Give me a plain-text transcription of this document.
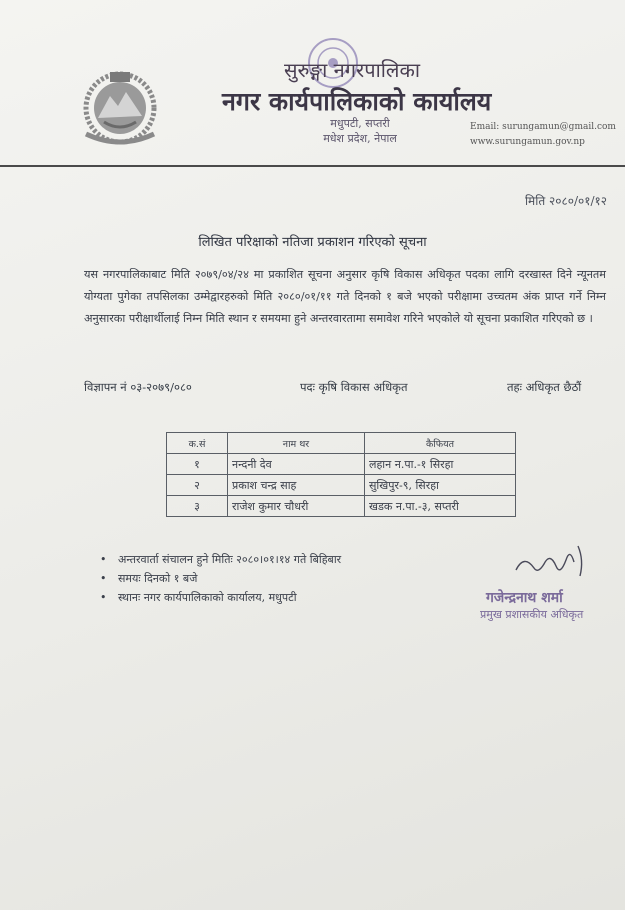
सुरुङ्गा नगरपालिका
नगर कार्यपालिकाको कार्यालय
मधुपटी, सप्तरी
मधेश प्रदेश, नेपाल
Email: surungamun@gmail.com
www.surungamun.gov.np
मिति २०८०/०१/१२
लिखित परिक्षाको नतिजा प्रकाशन गरिएको सूचना
यस नगरपालिकाबाट मिति २०७९/०४/२४ मा प्रकाशित सूचना अनुसार कृषि विकास अधिकृत पदका लागि दरखास्त दिने न्यूनतम योग्यता पुगेका तपसिलका उम्मेद्वारहरुको मिति २०८०/०१/११ गते दिनको १ बजे भएको परीक्षामा उच्चतम अंक प्राप्त गर्ने निम्न अनुसारका परीक्षार्थीलाई निम्न मिति स्थान र समयमा हुने अन्तरवारतामा समावेश गरिने भएकोले यो सूचना प्रकाशित गरिएको छ ।
विज्ञापन नं ०३-२०७९/०८०	पदः कृषि विकास अधिकृत	तहः अधिकृत छैठौं
क.सं	नाम थर	कैफियत
१	नन्दनी देव	लहान न.पा.-१ सिरहा
२	प्रकाश चन्द्र साह	सुखिपुर-९, सिरहा
३	राजेश कुमार चौधरी	खडक न.पा.-३, सप्तरी
• अन्तरवार्ता संचालन हुने मितिः २०८०।०१।१४ गते बिहिबार
• समयः दिनको १ बजे
• स्थानः नगर कार्यपालिकाको कार्यालय, मधुपटी	गजेन्द्रनाथ शर्मा
प्रमुख प्रशासकीय अधिकृत
